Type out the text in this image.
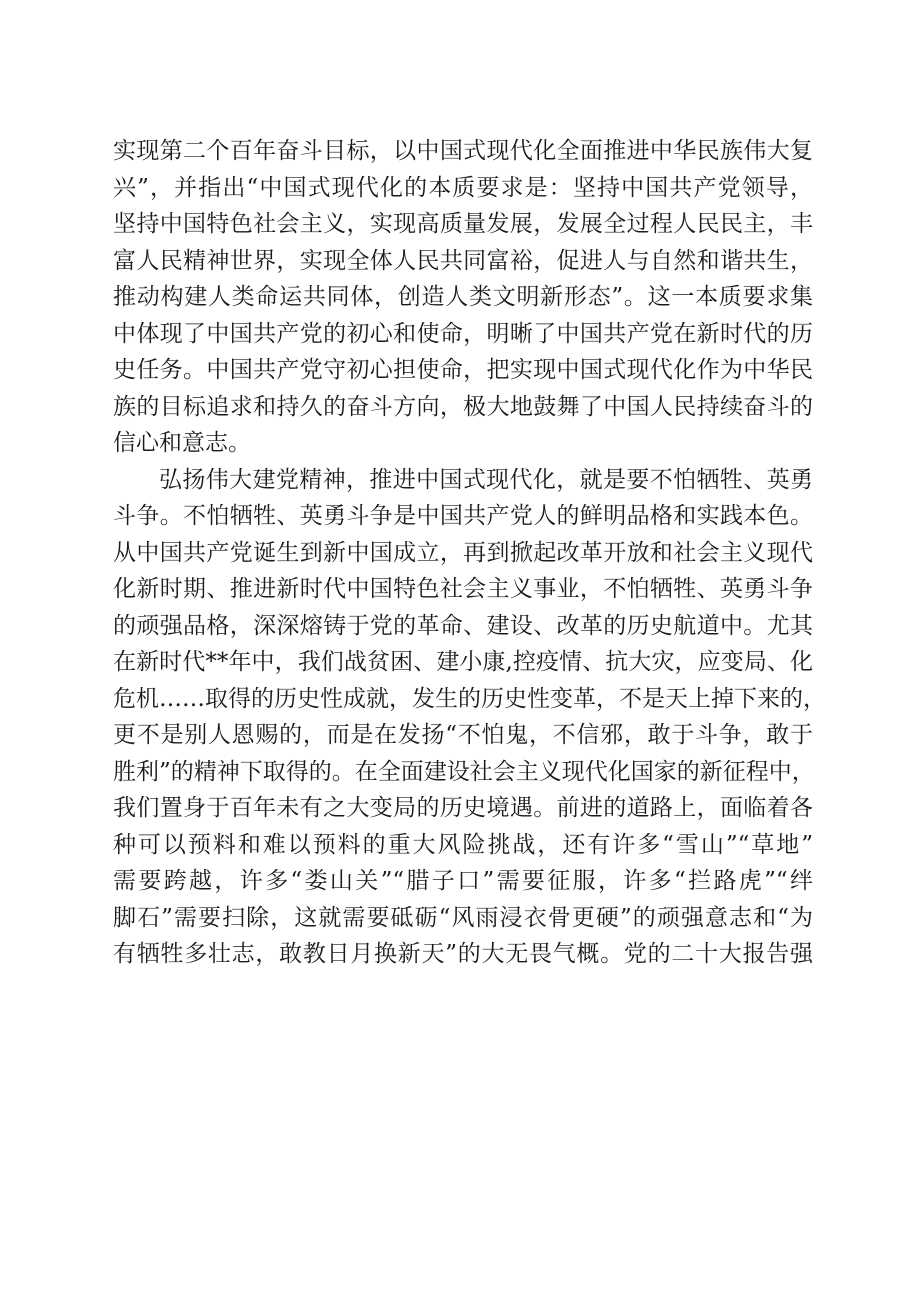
实现第二个百年奋斗目标，以中国式现代化全面推进中华民族伟大复
兴”，并指出“中国式现代化的本质要求是：坚持中国共产党领导，
坚持中国特色社会主义，实现高质量发展，发展全过程人民民主，丰
富人民精神世界，实现全体人民共同富裕，促进人与自然和谐共生，
推动构建人类命运共同体，创造人类文明新形态”。这一本质要求集
中体现了中国共产党的初心和使命，明晰了中国共产党在新时代的历
史任务。中国共产党守初心担使命，把实现中国式现代化作为中华民
族的目标追求和持久的奋斗方向，极大地鼓舞了中国人民持续奋斗的
信心和意志。
弘扬伟大建党精神，推进中国式现代化，就是要不怕牺牲、英勇
斗争。不怕牺牲、英勇斗争是中国共产党人的鲜明品格和实践本色。
从中国共产党诞生到新中国成立，再到掀起改革开放和社会主义现代
化新时期、推进新时代中国特色社会主义事业，不怕牺牲、英勇斗争
的顽强品格，深深熔铸于党的革命、建设、改革的历史航道中。尤其
在新时代**年中，我们战贫困、建小康,控疫情、抗大灾，应变局、化
危机……取得的历史性成就，发生的历史性变革，不是天上掉下来的，
更不是别人恩赐的，而是在发扬“不怕鬼，不信邪，敢于斗争，敢于
胜利”的精神下取得的。在全面建设社会主义现代化国家的新征程中，
我们置身于百年未有之大变局的历史境遇。前进的道路上，面临着各
种可以预料和难以预料的重大风险挑战，还有许多“雪山”“草地”
需要跨越，许多“娄山关”“腊子口”需要征服，许多“拦路虎”“绊
脚石”需要扫除，这就需要砥砺“风雨浸衣骨更硬”的顽强意志和“为
有牺牲多壮志，敢教日月换新天”的大无畏气概。党的二十大报告强
